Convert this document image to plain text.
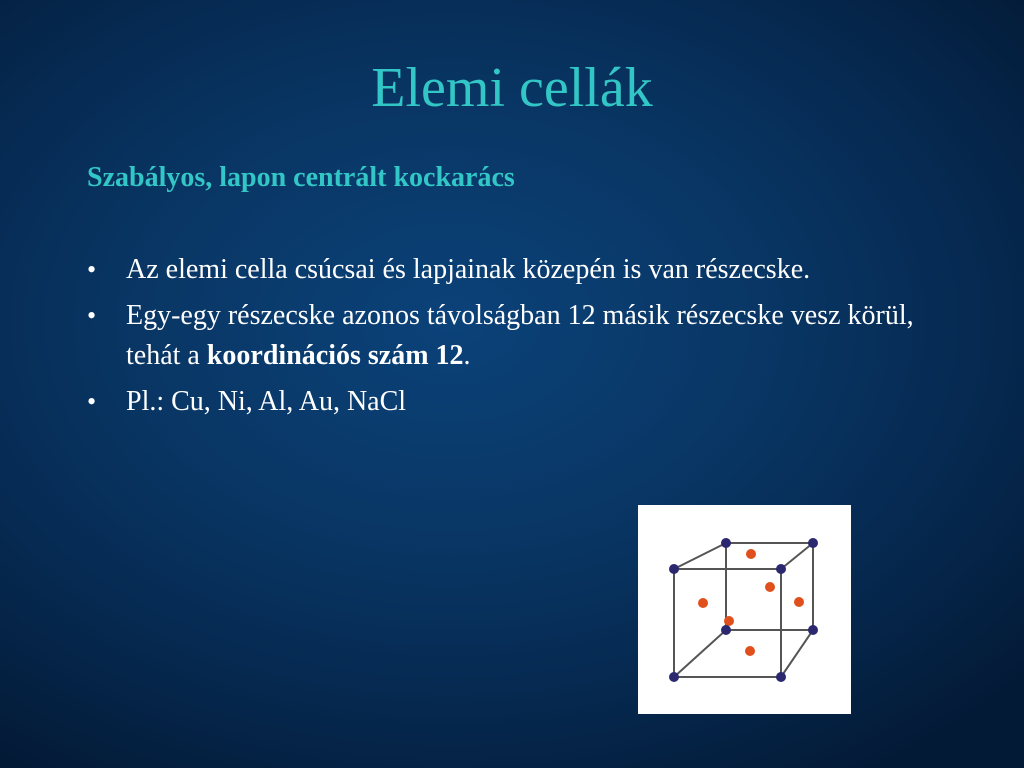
Elemi cellák
Szabályos, lapon centrált kockarács
• Az elemi cella csúcsai és lapjainak közepén is van részecske.
• Egy-egy részecske azonos távolságban 12 másik részecske vesz körül, tehát a koordinációs szám 12.
• Pl.: Cu, Ni, Al, Au, NaCl
